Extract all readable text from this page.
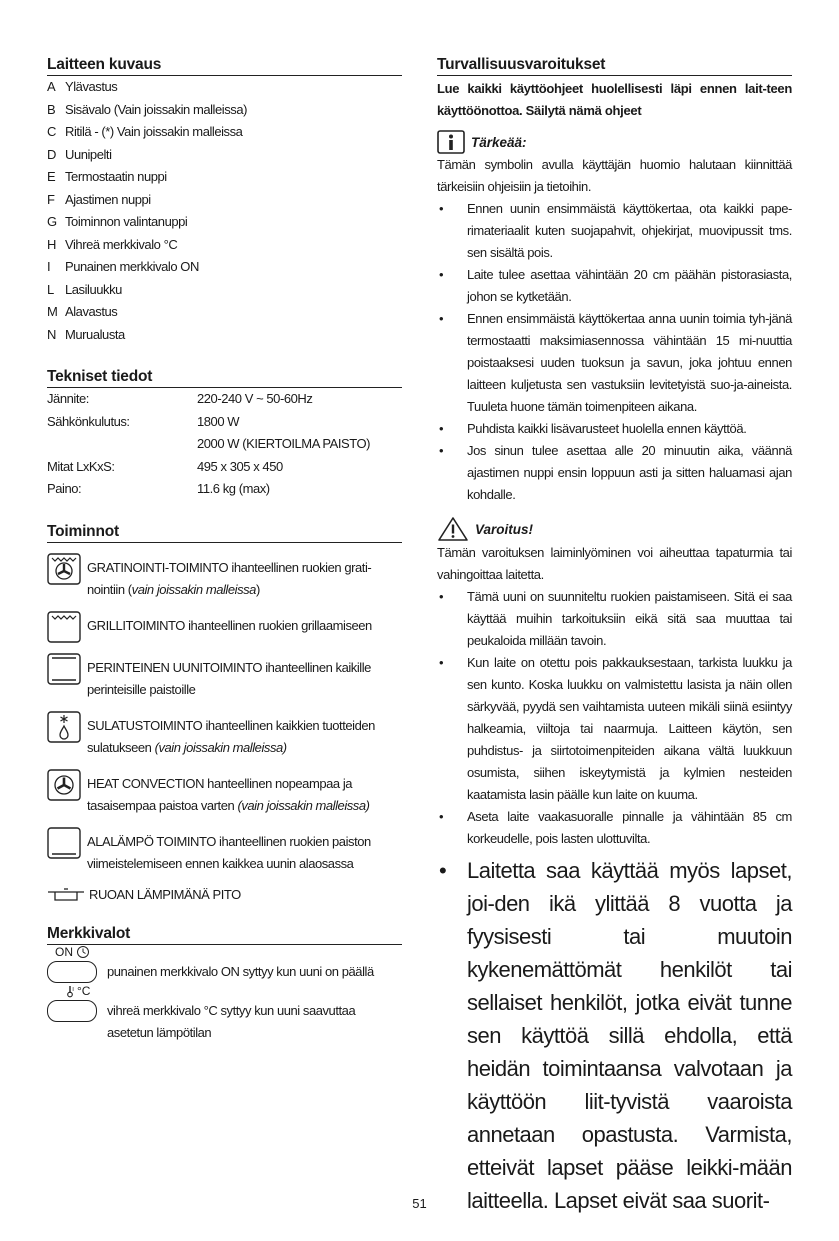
Laitteen kuvaus
A Ylävastus
B Sisävalo (Vain joissakin malleissa)
C Ritilä - (*) Vain joissakin malleissa
D Uunipelti
E Termostaatin nuppi
F Ajastimen nuppi
G Toiminnon valintanuppi
H Vihreä merkkivalo °C
I	Punainen merkkivalo ON
L Lasiluukku
M Alavastus
N Murualusta
Tekniset tiedot
Jännite:	220-240 V ~ 50-60Hz
Sähkönkulutus:	1800 W
2000 W (KIERTOILMA PAISTO)
Mitat LxKxS:	495 x 305 x 450
Paino:	11.6 kg (max)
Toiminnot
GRATINOINTI-TOIMINTO ihanteellinen ruokien grati-nointiin (vain joissakin malleissa)
GRILLITOIMINTO ihanteellinen ruokien grillaamiseen
PERINTEINEN UUNITOIMINTO ihanteellinen kaikille perinteisille paistoille
SULATUSTOIMINTO ihanteellinen kaikkien tuotteiden sulatukseen (vain joissakin malleissa)
HEAT CONVECTION hanteellinen nopeampaa ja tasaisempaa paistoa varten (vain joissakin malleissa)
ALALÄMPÖ TOIMINTO ihanteellinen ruokien paiston viimeistelemiseen ennen kaikkea uunin alaosassa
RUOAN LÄMPIMÄNÄ PITO
Merkkivalot
ON
punainen merkkivalo ON syttyy kun uuni on päällä
°C
vihreä merkkivalo °C syttyy kun uuni saavuttaa asetetun lämpötilan
Turvallisuusvaroitukset
Lue kaikki käyttöohjeet huolellisesti läpi ennen lait-teen käyttöönottoa. Säilytä nämä ohjeet
Tärkeää:
Tämän symbolin avulla käyttäjän huomio halutaan kiinnittää tärkeisiin ohjeisiin ja tietoihin.
• Ennen uunin ensimmäistä käyttökertaa, ota kaikki pape-rimateriaalit kuten suojapahvit, ohjekirjat, muovipussit tms. sen sisältä pois.
• Laite tulee asettaa vähintään 20 cm päähän pistorasiasta, johon se kytketään.
• Ennen ensimmäistä käyttökertaa anna uunin toimia tyh-jänä termostaatti maksimiasennossa vähintään 15 mi-nuuttia poistaaksesi uuden tuoksun ja savun, joka johtuu ennen laitteen kuljetusta sen vastuksiin levitetyistä suo-ja-aineista. Tuuleta huone tämän toimenpiteen aikana.
• Puhdista kaikki lisävarusteet huolella ennen käyttöä.
• Jos sinun tulee asettaa alle 20 minuutin aika, väännä ajastimen nuppi ensin loppuun asti ja sitten haluamasi ajan kohdalle.
Varoitus!
Tämän varoituksen laiminlyöminen voi aiheuttaa tapaturmia tai vahingoittaa laitetta.
• Tämä uuni on suunniteltu ruokien paistamiseen. Sitä ei saa käyttää muihin tarkoituksiin eikä sitä saa muuttaa tai peukaloida millään tavoin.
• Kun laite on otettu pois pakkauksestaan, tarkista luukku ja sen kunto. Koska luukku on valmistettu lasista ja näin ollen särkyvää, pyydä sen vaihtamista uuteen mikäli siinä esiintyy halkeamia, viiltoja tai naarmuja. Laitteen käytön, sen puhdistus- ja siirtotoimenpiteiden aikana vältä luukkuun osumista, siihen iskeytymistä ja kylmien nesteiden kaatamista lasin päälle kun laite on kuuma.
• Aseta laite vaakasuoralle pinnalle ja vähintään 85 cm korkeudelle, pois lasten ulottuvilta.
• Laitetta saa käyttää myös lapset, joi-den ikä ylittää 8 vuotta ja fyysisesti tai muutoin kykenemättömät henkilöt tai sellaiset henkilöt, jotka eivät tunne sen käyttöä sillä ehdolla, että heidän toimintaansa valvotaan ja käyttöön liit-tyvistä vaaroista annetaan opastusta. Varmista, etteivät lapset pääse leikki-mään laitteella. Lapset eivät saa suorit-
51
